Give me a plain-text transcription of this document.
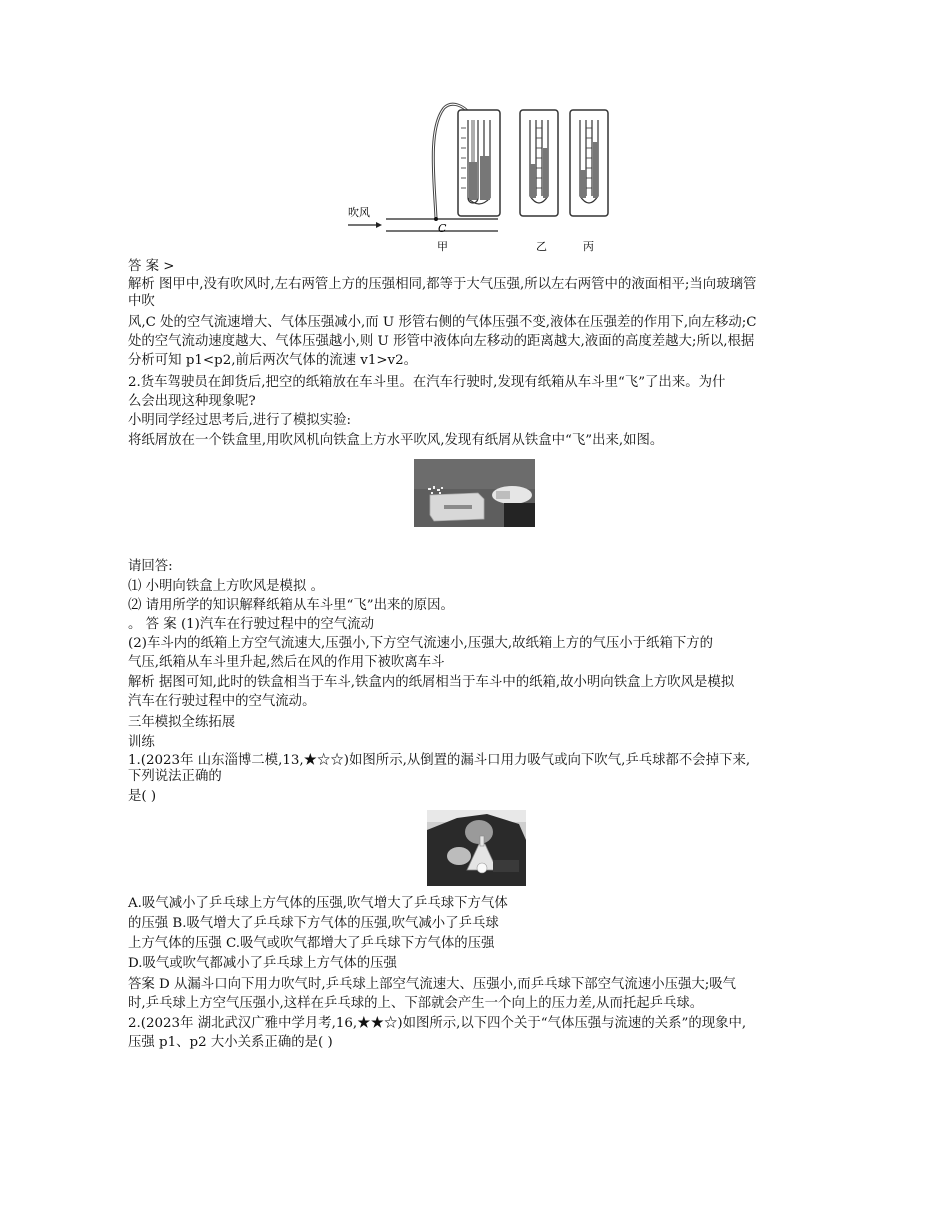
吹风
C
甲	乙	丙
答 案 >
解析 图甲中,没有吹风时,左右两管上方的压强相同,都等于大气压强,所以左右两管中的液面相平;当向玻璃管
中吹
风,C 处的空气流速增大、气体压强减小,而 U 形管右侧的气体压强不变,液体在压强差的作用下,向左移动;C
处的空气流动速度越大、气体压强越小,则 U 形管中液体向左移动的距离越大,液面的高度差越大;所以,根据
分析可知 p1<p2,前后两次气体的流速 v1>v2。
2.货车驾驶员在卸货后,把空的纸箱放在车斗里。在汽车行驶时,发现有纸箱从车斗里“飞”了出来。为什
么会出现这种现象呢?
小明同学经过思考后,进行了模拟实验:
将纸屑放在一个铁盒里,用吹风机向铁盒上方水平吹风,发现有纸屑从铁盒中“飞”出来,如图。
请回答:
⑴ 小明向铁盒上方吹风是模拟 。
⑵ 请用所学的知识解释纸箱从车斗里“飞”出来的原因。
。 答 案 (1)汽车在行驶过程中的空气流动
(2)车斗内的纸箱上方空气流速大,压强小,下方空气流速小,压强大,故纸箱上方的气压小于纸箱下方的
气压,纸箱从车斗里升起,然后在风的作用下被吹离车斗
解析 据图可知,此时的铁盒相当于车斗,铁盒内的纸屑相当于车斗中的纸箱,故小明向铁盒上方吹风是模拟
汽车在行驶过程中的空气流动。
三年模拟全练拓展
训练
1.(2023年 山东淄博二模,13,★☆☆)如图所示,从倒置的漏斗口用力吸气或向下吹气,乒乓球都不会掉下来,
下列说法正确的
是( )
A.吸气减小了乒乓球上方气体的压强,吹气增大了乒乓球下方气体
的压强 B.吸气增大了乒乓球下方气体的压强,吹气减小了乒乓球
上方气体的压强 C.吸气或吹气都增大了乒乓球下方气体的压强
D.吸气或吹气都减小了乒乓球上方气体的压强
答案 D 从漏斗口向下用力吹气时,乒乓球上部空气流速大、压强小,而乒乓球下部空气流速小压强大;吸气
时,乒乓球上方空气压强小,这样在乒乓球的上、下部就会产生一个向上的压力差,从而托起乒乓球。
2.(2023年 湖北武汉广雅中学月考,16,★★☆)如图所示,以下四个关于“气体压强与流速的关系”的现象中,
压强 p1、p2 大小关系正确的是( )
